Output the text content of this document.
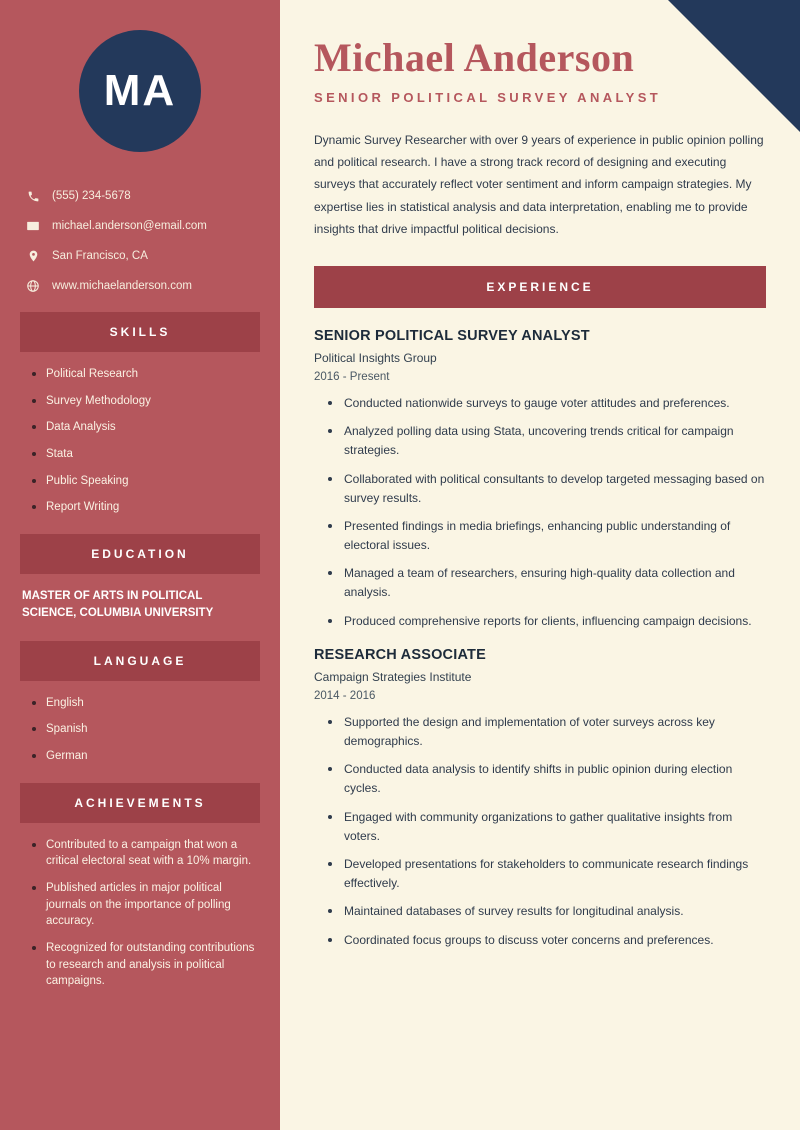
MA
(555) 234-5678
michael.anderson@email.com
San Francisco, CA
www.michaelanderson.com
SKILLS
Political Research
Survey Methodology
Data Analysis
Stata
Public Speaking
Report Writing
EDUCATION
MASTER OF ARTS IN POLITICAL SCIENCE, COLUMBIA UNIVERSITY
LANGUAGE
English
Spanish
German
ACHIEVEMENTS
Contributed to a campaign that won a critical electoral seat with a 10% margin.
Published articles in major political journals on the importance of polling accuracy.
Recognized for outstanding contributions to research and analysis in political campaigns.
Michael Anderson
SENIOR POLITICAL SURVEY ANALYST

Dynamic Survey Researcher with over 9 years of experience in public opinion polling and political research. I have a strong track record of designing and executing surveys that accurately reflect voter sentiment and inform campaign strategies. My expertise lies in statistical analysis and data interpretation, enabling me to provide insights that drive impactful political decisions.

EXPERIENCE
SENIOR POLITICAL SURVEY ANALYST
Political Insights Group
2016 - Present
Conducted nationwide surveys to gauge voter attitudes and preferences.
Analyzed polling data using Stata, uncovering trends critical for campaign strategies.
Collaborated with political consultants to develop targeted messaging based on survey results.
Presented findings in media briefings, enhancing public understanding of electoral issues.
Managed a team of researchers, ensuring high-quality data collection and analysis.
Produced comprehensive reports for clients, influencing campaign decisions.
RESEARCH ASSOCIATE
Campaign Strategies Institute
2014 - 2016
Supported the design and implementation of voter surveys across key demographics.
Conducted data analysis to identify shifts in public opinion during election cycles.
Engaged with community organizations to gather qualitative insights from voters.
Developed presentations for stakeholders to communicate research findings effectively.
Maintained databases of survey results for longitudinal analysis.
Coordinated focus groups to discuss voter concerns and preferences.
